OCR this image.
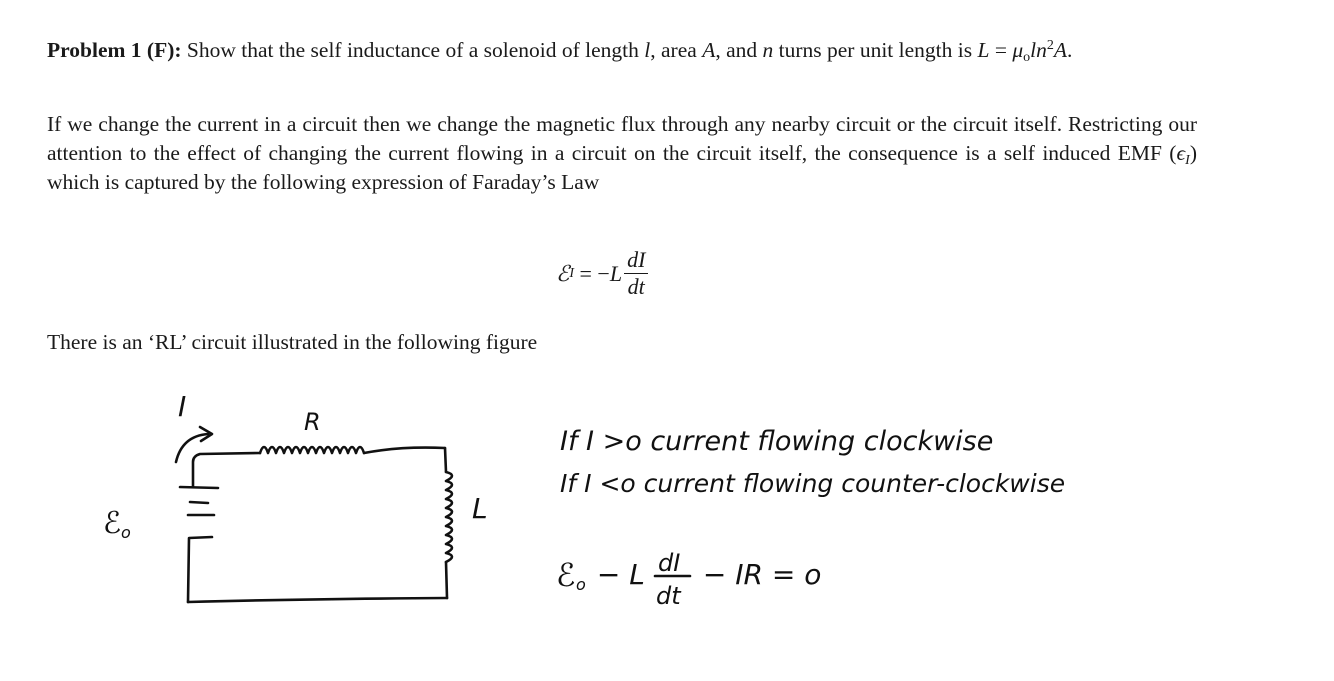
Problem 1 (F): Show that the self inductance of a solenoid of length l, area A, and n turns per unit length is $L = \mu_o\ln^2A$.
If we change the current in a circuit then we change the magnetic flux through any nearby circuit or the circuit itself. Restricting our attention to the effect of changing the current flowing in a circuit on the circuit itself, the consequence is a self induced EMF $(\epsilon_I)$ which is captured by the following expression of Faraday’s Law
ℰ I = − L $\frac{dI}{dt}$
There is an ‘RL’ circuit illustrated in the following figure
I	R
L
ℰ o
If I >o current flowing clockwise
If I <o current flowing counter-clockwise
ℰ o − L dI
dt
− IR = o
